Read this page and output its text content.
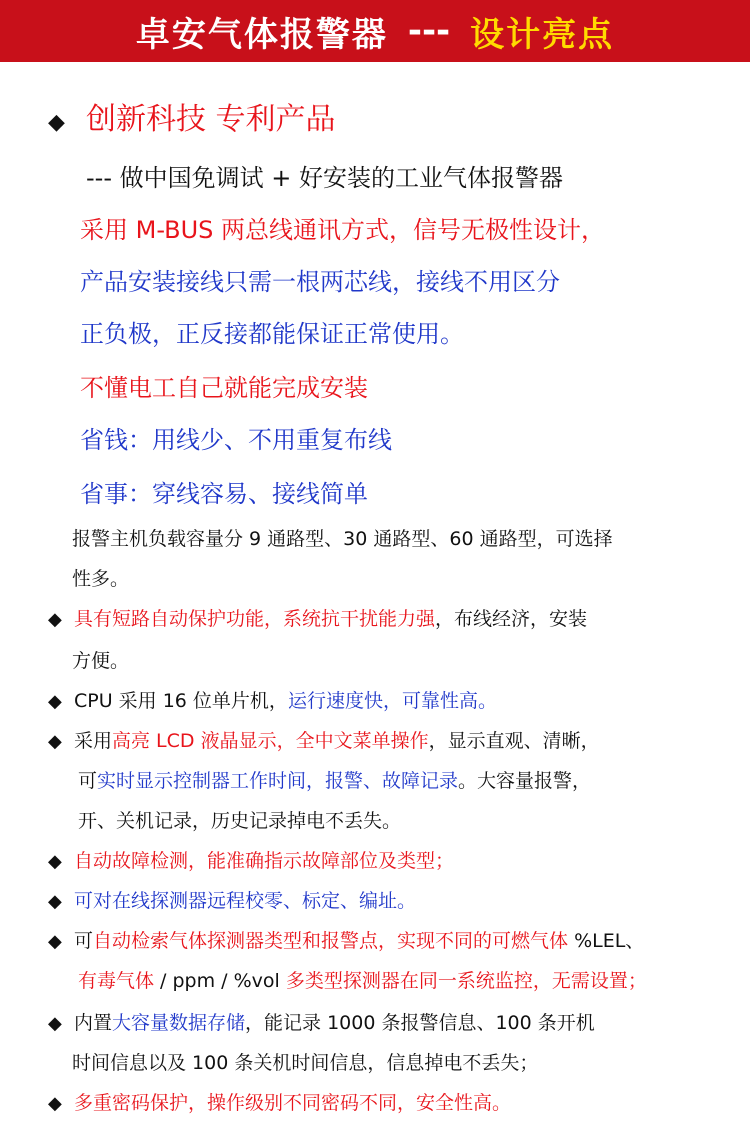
卓安气体报警器 --- 设计亮点
◆ 创新科技 专利产品
--- 做中国免调试 + 好安装的工业气体报警器
采用 M-BUS 两总线通讯方式，信号无极性设计，
产品安装接线只需一根两芯线，接线不用区分
正负极，正反接都能保证正常使用。
不懂电工自己就能完成安装
省钱：用线少、不用重复布线
省事：穿线容易、接线简单
报警主机负载容量分 9 通路型、30 通路型、60 通路型，可选择
性多。
◆ 具有短路自动保护功能，系统抗干扰能力强，布线经济，安装
方便。
◆ CPU 采用 16 位单片机，运行速度快，可靠性高。
◆ 采用高亮 LCD 液晶显示，全中文菜单操作，显示直观、清晰，
可实时显示控制器工作时间，报警、故障记录。大容量报警，
开、关机记录，历史记录掉电不丢失。
◆ 自动故障检测，能准确指示故障部位及类型；
◆ 可对在线探测器远程校零、标定、编址。
◆ 可自动检索气体探测器类型和报警点，实现不同的可燃气体 %LEL、
有毒气体 / ppm / %vol 多类型探测器在同一系统监控，无需设置；
◆ 内置大容量数据存储，能记录 1000 条报警信息、100 条开机
时间信息以及 100 条关机时间信息，信息掉电不丢失；
◆ 多重密码保护，操作级别不同密码不同，安全性高。
